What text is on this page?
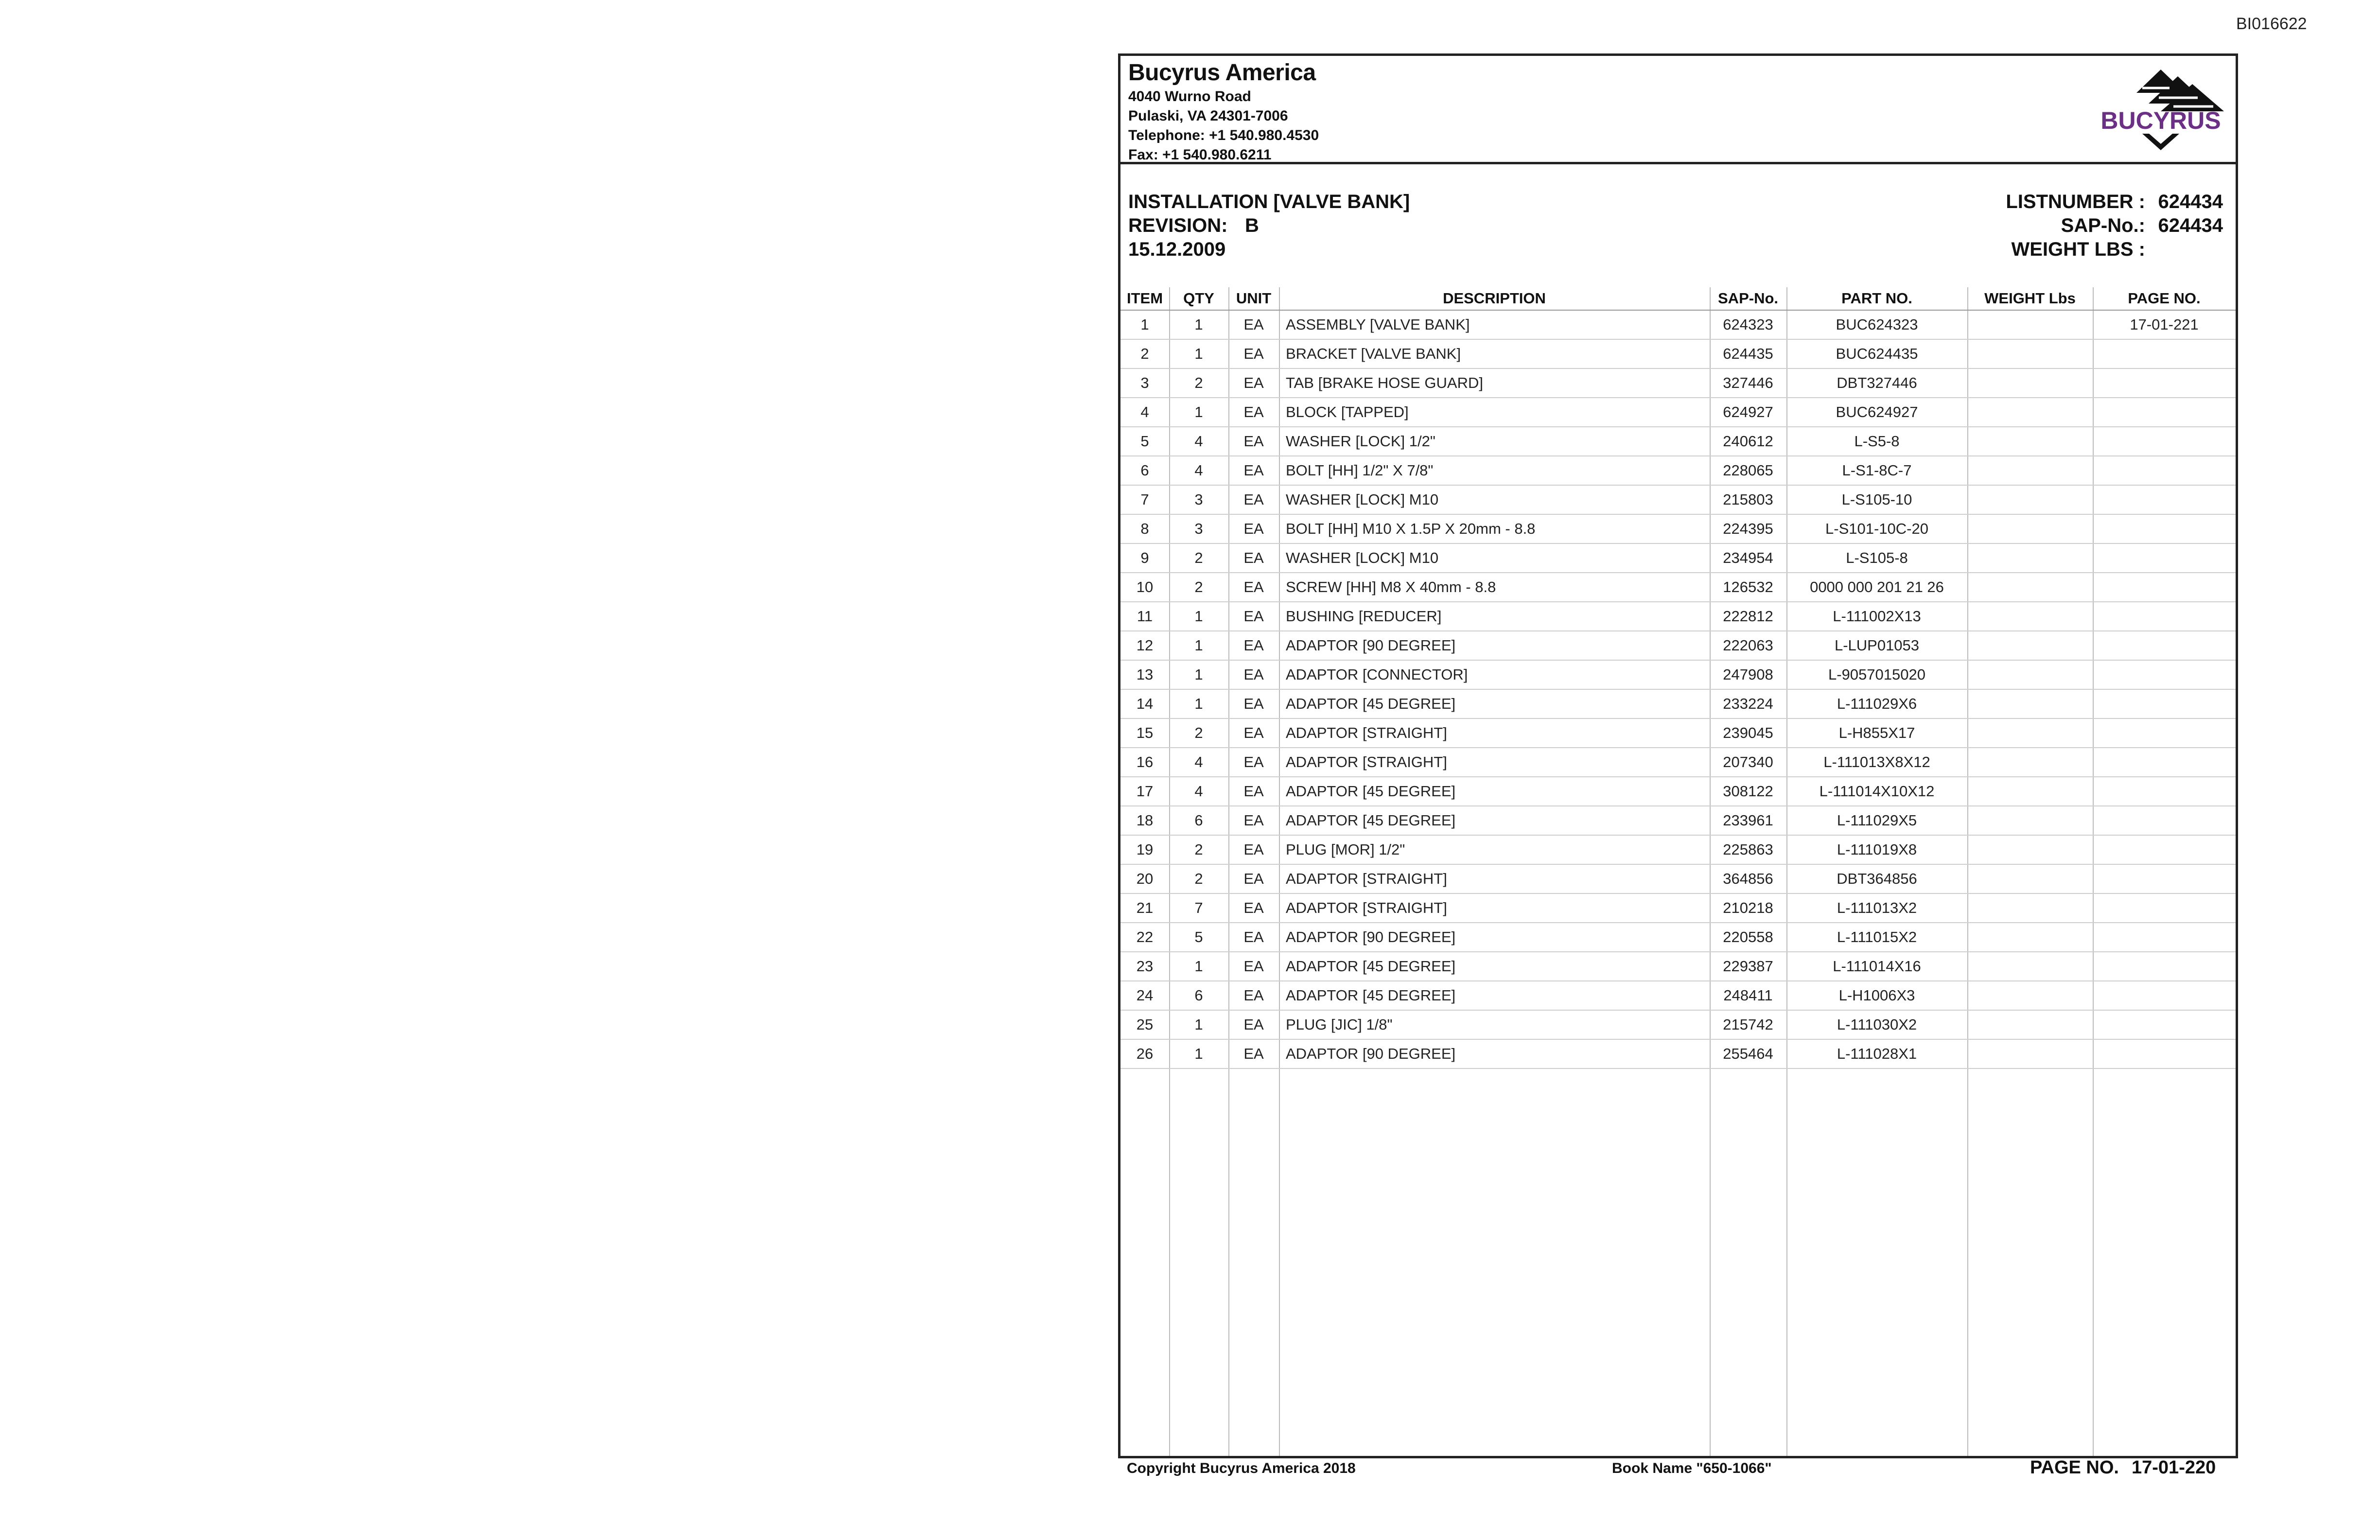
BI016622
Bucyrus America
4040 Wurno Road
Pulaski, VA 24301-7006
Telephone: +1 540.980.4530
Fax: +1 540.980.6211
BUCYRUS
INSTALLATION [VALVE BANK]
REVISION: B
15.12.2009
LISTNUMBER : 624434
SAP-No.: 624434
WEIGHT LBS :
ITEM	QTY	UNIT	DESCRIPTION	SAP-No.	PART NO.	WEIGHT Lbs	PAGE NO.
1	1	EA	ASSEMBLY [VALVE BANK]	624323	BUC624323		17-01-221
2	1	EA	BRACKET [VALVE BANK]	624435	BUC624435		
3	2	EA	TAB [BRAKE HOSE GUARD]	327446	DBT327446		
4	1	EA	BLOCK [TAPPED]	624927	BUC624927		
5	4	EA	WASHER [LOCK] 1/2"	240612	L-S5-8		
6	4	EA	BOLT [HH] 1/2" X 7/8"	228065	L-S1-8C-7		
7	3	EA	WASHER [LOCK] M10	215803	L-S105-10		
8	3	EA	BOLT [HH] M10 X 1.5P X 20mm - 8.8	224395	L-S101-10C-20		
9	2	EA	WASHER [LOCK] M10	234954	L-S105-8		
10	2	EA	SCREW [HH] M8 X 40mm - 8.8	126532	0000 000 201 21 26		
11	1	EA	BUSHING [REDUCER]	222812	L-111002X13		
12	1	EA	ADAPTOR [90 DEGREE]	222063	L-LUP01053		
13	1	EA	ADAPTOR [CONNECTOR]	247908	L-9057015020		
14	1	EA	ADAPTOR [45 DEGREE]	233224	L-111029X6		
15	2	EA	ADAPTOR [STRAIGHT]	239045	L-H855X17		
16	4	EA	ADAPTOR [STRAIGHT]	207340	L-111013X8X12		
17	4	EA	ADAPTOR [45 DEGREE]	308122	L-111014X10X12		
18	6	EA	ADAPTOR [45 DEGREE]	233961	L-111029X5		
19	2	EA	PLUG [MOR] 1/2"	225863	L-111019X8		
20	2	EA	ADAPTOR [STRAIGHT]	364856	DBT364856		
21	7	EA	ADAPTOR [STRAIGHT]	210218	L-111013X2		
22	5	EA	ADAPTOR [90 DEGREE]	220558	L-111015X2		
23	1	EA	ADAPTOR [45 DEGREE]	229387	L-111014X16		
24	6	EA	ADAPTOR [45 DEGREE]	248411	L-H1006X3		
25	1	EA	PLUG [JIC] 1/8"	215742	L-111030X2		
26	1	EA	ADAPTOR [90 DEGREE]	255464	L-111028X1		
Copyright Bucyrus America 2018	Book Name "650-1066"	PAGE NO. 17-01-220
